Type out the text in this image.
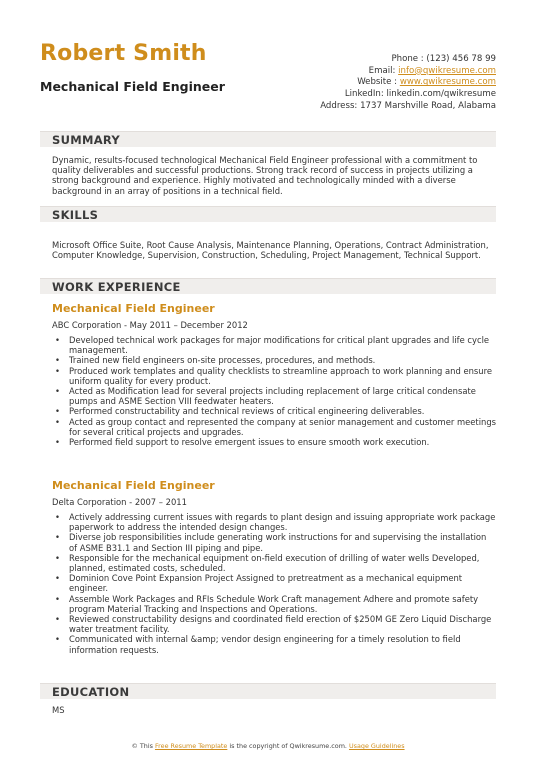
Robert Smith
Mechanical Field Engineer
Phone : (123) 456 78 99
Email: info@qwikresume.com
Website : www.qwikresume.com
LinkedIn: linkedin.com/qwikresume
Address: 1737 Marshville Road, Alabama
SUMMARY
Dynamic, results-focused technological Mechanical Field Engineer professional with a commitment to quality deliverables and successful productions. Strong track record of success in projects utilizing a strong background and experience. Highly motivated and technologically minded with a diverse background in an array of positions in a technical field.
SKILLS
Microsoft Office Suite, Root Cause Analysis, Maintenance Planning, Operations, Contract Administration, Computer Knowledge, Supervision, Construction, Scheduling, Project Management, Technical Support.
WORK EXPERIENCE
Mechanical Field Engineer
ABC Corporation - May 2011 – December 2012
• Developed technical work packages for major modifications for critical plant upgrades and life cycle management.
• Trained new field engineers on-site processes, procedures, and methods.
• Produced work templates and quality checklists to streamline approach to work planning and ensure uniform quality for every product.
• Acted as Modification lead for several projects including replacement of large critical condensate pumps and ASME Section VIII feedwater heaters.
• Performed constructability and technical reviews of critical engineering deliverables.
• Acted as group contact and represented the company at senior management and customer meetings for several critical projects and upgrades.
• Performed field support to resolve emergent issues to ensure smooth work execution.
Mechanical Field Engineer
Delta Corporation - 2007 – 2011
• Actively addressing current issues with regards to plant design and issuing appropriate work package paperwork to address the intended design changes.
• Diverse job responsibilities include generating work instructions for and supervising the installation of ASME B31.1 and Section III piping and pipe.
• Responsible for the mechanical equipment on-field execution of drilling of water wells Developed, planned, estimated costs, scheduled.
• Dominion Cove Point Expansion Project Assigned to pretreatment as a mechanical equipment engineer.
• Assemble Work Packages and RFIs Schedule Work Craft management Adhere and promote safety program Material Tracking and Inspections and Operations.
• Reviewed constructability designs and coordinated field erection of $250M GE Zero Liquid Discharge water treatment facility.
• Communicated with internal &amp; vendor design engineering for a timely resolution to field information requests.
EDUCATION
MS
© This Free Resume Template is the copyright of Qwikresume.com. Usage Guidelines
